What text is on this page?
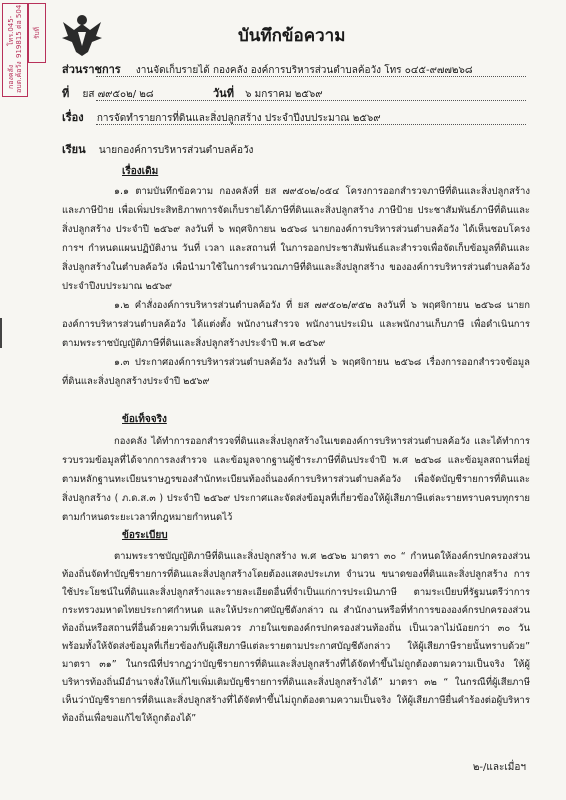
กองคลัง อบต.ค้อวัง
โทร.045-919815 ต่อ 504 รับที่	บันทึกข้อความ
ส่วนราชการ งานจัดเก็บรายได้ กองคลัง องค์การบริหารส่วนตำบลค้อวัง โทร ๐๔๕-๙๗๗๒๖๘
ที่ ยส ๗๙๕๐๒/ ๒๘	วันที่ ๖ มกราคม ๒๕๖๙
เรื่อง การจัดทำรายการที่ดินและสิ่งปลูกสร้าง ประจำปีงบประมาณ ๒๕๖๙
เรียน นายกองค์การบริหารส่วนตำบลค้อวัง
เรื่องเดิม
๑.๑ ตามบันทึกข้อความ กองคลังที่ ยส ๗๙๕๐๒/๐๕๔ โครงการออกสำรวจภาษีที่ดินและสิ่งปลูกสร้าง และภาษีป้าย เพื่อเพิ่มประสิทธิภาพการจัดเก็บรายได้ภาษีที่ดินและสิ่งปลูกสร้าง ภาษีป้าย ประชาสัมพันธ์ภาษีที่ดินและสิ่งปลูกสร้าง ประจำปี ๒๕๖๙ ลงวันที่ ๖ พฤศจิกายน ๒๕๖๘ นายกองค์การบริหารส่วนตำบลค้อวัง ได้เห็นชอบโครงการฯ กำหนดแผนปฏิบัติงาน วันที่ เวลา และสถานที่ ในการออกประชาสัมพันธ์และสำรวจเพื่อจัดเก็บข้อมูลที่ดินและสิ่งปลูกสร้างในตำบลค้อวัง เพื่อนำมาใช้ในการคำนวณภาษีที่ดินและสิ่งปลูกสร้าง ขององค์การบริหารส่วนตำบลค้อวัง ประจำปีงบประมาณ ๒๕๖๙
๑.๒ คำสั่งองค์การบริหารส่วนตำบลค้อวัง ที่ ยส ๗๙๕๐๒/๙๕๒ ลงวันที่ ๖ พฤศจิกายน ๒๕๖๘ นายกองค์การบริหารส่วนตำบลค้อวัง ได้แต่งตั้ง พนักงานสำรวจ พนักงานประเมิน และพนักงานเก็บภาษี เพื่อดำเนินการตามพระราชบัญญัติภาษีที่ดินและสิ่งปลูกสร้างประจำปี พ.ศ ๒๕๖๙
๑.๓ ประกาศองค์การบริหารส่วนตำบลค้อวัง ลงวันที่ ๖ พฤศจิกายน ๒๕๖๘ เรื่องการออกสำรวจข้อมูลที่ดินและสิ่งปลูกสร้างประจำปี ๒๕๖๙
ข้อเท็จจริง
กองคลัง ได้ทำการออกสำรวจที่ดินและสิ่งปลูกสร้างในเขตองค์การบริหารส่วนตำบลค้อวัง และได้ทำการรวบรวมข้อมูลที่ได้จากการลงสำรวจ และข้อมูลจากฐานผู้ชำระภาษีที่ดินประจำปี พ.ศ ๒๕๖๘ และข้อมูลสถานที่อยู่ตามหลักฐานทะเบียนราษฎรของสำนักทะเบียนท้องถิ่นองค์การบริหารส่วนตำบลค้อวัง เพื่อจัดบัญชีรายการที่ดินและสิ่งปลูกสร้าง ( ภ.ด.ส.๓ ) ประจำปี ๒๕๖๙ ประกาศและจัดส่งข้อมูลที่เกี่ยวข้องให้ผู้เสียภาษีแต่ละรายทราบครบทุกราย ตามกำหนดระยะเวลาที่กฎหมายกำหนดไว้
ข้อระเบียบ
ตามพระราชบัญญัติภาษีที่ดินและสิ่งปลูกสร้าง พ.ศ ๒๕๖๒ มาตรา ๓๐ “ กำหนดให้องค์กรปกครองส่วนท้องถิ่นจัดทำบัญชีรายการที่ดินและสิ่งปลูกสร้างโดยต้องแสดงประเภท จำนวน ขนาดของที่ดินและสิ่งปลูกสร้าง การใช้ประโยชน์ในที่ดินและสิ่งปลูกสร้างและรายละเอียดอื่นที่จำเป็นแก่การประเมินภาษี ตามระเบียบที่รัฐมนตรีว่าการกระทรวงมหาดไทยประกาศกำหนด และให้ประกาศบัญชีดังกล่าว ณ สำนักงานหรือที่ทำการขององค์กรปกครองส่วนท้องถิ่นหรือสถานที่อื่นด้วยความที่เห็นสมควร ภายในเขตองค์กรปกครองส่วนท้องถิ่น เป็นเวลาไม่น้อยกว่า ๓๐ วัน พร้อมทั้งให้จัดส่งข้อมูลที่เกี่ยวข้องกับผู้เสียภาษีแต่ละรายตามประกาศบัญชีดังกล่าว ให้ผู้เสียภาษีรายนั้นทราบด้วย” มาตรา ๓๑” ในกรณีที่ปรากฏว่าบัญชีรายการที่ดินและสิ่งปลูกสร้างที่ได้จัดทำขึ้นไม่ถูกต้องตามความเป็นจริง ให้ผู้บริหารท้องถิ่นมีอำนาจสั่งให้แก้ไขเพิ่มเติมบัญชีรายการที่ดินและสิ่งปลูกสร้างได้” มาตรา ๓๒ “ ในกรณีที่ผู้เสียภาษีเห็นว่าบัญชีรายการที่ดินและสิ่งปลูกสร้างที่ได้จัดทำขึ้นไม่ถูกต้องตามความเป็นจริง ให้ผู้เสียภาษียื่นคำร้องต่อผู้บริหารท้องถิ่นเพื่อขอแก้ไขให้ถูกต้องได้”
๒-/และเมื่อฯ
